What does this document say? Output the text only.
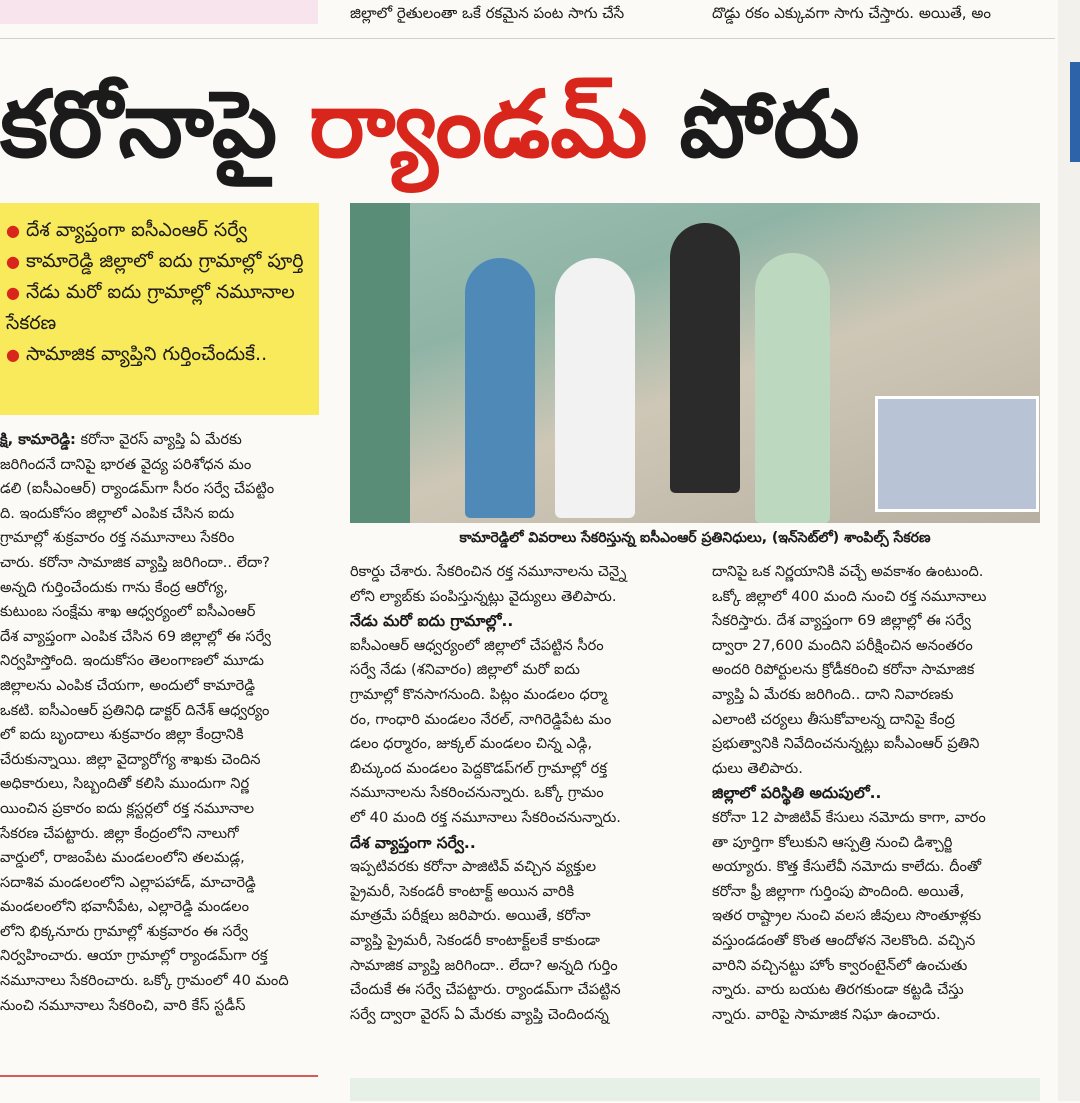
జిల్లాలో రైతులంతా ఒకే రకమైన పంట సాగు చేసే	దొడ్డు రకం ఎక్కువగా సాగు చేస్తారు. అయితే, అం
కరోనాపై ర్యాండమ్ పోరు
● దేశ వ్యాప్తంగా ఐసీఎంఆర్ సర్వే
● కామారెడ్డి జిల్లాలో ఐదు గ్రామాల్లో పూర్తి
● నేడు మరో ఐదు గ్రామాల్లో నమూనాల సేకరణ
● సామాజిక వ్యాప్తిని గుర్తించేందుకే..
కామారెడ్డిలో వివరాలు సేకరిస్తున్న ఐసీఎంఆర్ ప్రతినిధులు, (ఇన్‌సెట్‌లో) శాంపిల్స్ సేకరణ

క్షి, కామారెడ్డి: కరోనా వైరస్ వ్యాప్తి ఏ మేరకు

జరిగిందనే దానిపై భారత వైద్య పరిశోధన మం
డలి (ఐసీఎంఆర్) ర్యాండమ్‌గా సీరం సర్వే చేపట్టిం
ది. ఇందుకోసం జిల్లాలో ఎంపిక చేసిన ఐదు
గ్రామాల్లో శుక్రవారం రక్త నమూనాలు సేకరిం
చారు. కరోనా సామాజిక వ్యాప్తి జరిగిందా.. లేదా?
అన్నది గుర్తించేందుకు గాను కేంద్ర ఆరోగ్య,
కుటుంబ సంక్షేమ శాఖ ఆధ్వర్యంలో ఐసీఎంఆర్
దేశ వ్యాప్తంగా ఎంపిక చేసిన 69 జిల్లాల్లో ఈ సర్వే
నిర్వహిస్తోంది. ఇందుకోసం తెలంగాణలో మూడు
జిల్లాలను ఎంపిక చేయగా, అందులో కామారెడ్డి
ఒకటి. ఐసీఎంఆర్ ప్రతినిధి డాక్టర్ దినేశ్ ఆధ్వర్యం
లో ఐదు బృందాలు శుక్రవారం జిల్లా కేంద్రానికి
చేరుకున్నాయి. జిల్లా వైద్యారోగ్య శాఖకు చెందిన
అధికారులు, సిబ్బందితో కలిసి ముందుగా నిర్ణ
యించిన ప్రకారం ఐదు క్లస్టర్లలో రక్త నమూనాల
సేకరణ చేపట్టారు. జిల్లా కేంద్రంలోని నాలుగో
వార్డులో, రాజంపేట మండలంలోని తలమడ్ల,
సదాశివ మండలంలోని ఎల్లాపహాడ్, మాచారెడ్డి
మండలంలోని భవానీపేట, ఎల్లారెడ్డి మండలం
లోని భిక్కనూరు గ్రామాల్లో శుక్రవారం ఈ సర్వే
నిర్వహించారు. ఆయా గ్రామాల్లో ర్యాండమ్‌గా రక్త
నమూనాలు సేకరించారు. ఒక్కో గ్రామంలో 40 మంది
నుంచి నమూనాలు సేకరించి, వారి కేస్ స్టడీస్
రికార్డు చేశారు. సేకరించిన రక్త నమూనాలను చెన్నై
లోని ల్యాబ్‌కు పంపిస్తున్నట్లు వైద్యులు తెలిపారు.
నేడు మరో ఐదు గ్రామాల్లో..
ఐసీఎంఆర్ ఆధ్వర్యంలో జిల్లాలో చేపట్టిన సీరం
సర్వే నేడు (శనివారం) జిల్లాలో మరో ఐదు
గ్రామాల్లో కొనసాగనుంది. పిట్లం మండలం ధర్మా
రం, గాంధారి మండలం నేరల్, నాగిరెడ్డిపేట మం
డలం ధర్మారం, జుక్కల్ మండలం చిన్న ఎడ్గి,
బిచ్కుంద మండలం పెద్దకొడప్‌గల్ గ్రామాల్లో రక్త
నమూనాలను సేకరించనున్నారు. ఒక్కో గ్రామం
లో 40 మంది రక్త నమూనాలు సేకరించనున్నారు.
దేశ వ్యాప్తంగా సర్వే..
ఇప్పటివరకు కరోనా పాజిటివ్ వచ్చిన వ్యక్తుల
ప్రైమరీ, సెకండరీ కాంటాక్ట్ అయిన వారికి
మాత్రమే పరీక్షలు జరిపారు. అయితే, కరోనా
వ్యాప్తి ప్రైమరీ, సెకండరీ కాంటాక్ట్‌లకే కాకుండా
సామాజిక వ్యాప్తి జరిగిందా.. లేదా? అన్నది గుర్తిం
చేందుకే ఈ సర్వే చేపట్టారు. ర్యాండమ్‌గా చేపట్టిన
సర్వే ద్వారా వైరస్ ఏ మేరకు వ్యాప్తి చెందిందన్న
దానిపై ఒక నిర్ణయానికి వచ్చే అవకాశం ఉంటుంది.
ఒక్కో జిల్లాలో 400 మంది నుంచి రక్త నమూనాలు
సేకరిస్తారు. దేశ వ్యాప్తంగా 69 జిల్లాల్లో ఈ సర్వే
ద్వారా 27,600 మందిని పరీక్షించిన అనంతరం
అందరి రిపోర్టులను క్రోడీకరించి కరోనా సామాజిక
వ్యాప్తి ఏ మేరకు జరిగింది.. దాని నివారణకు
ఎలాంటి చర్యలు తీసుకోవాలన్న దానిపై కేంద్ర
ప్రభుత్వానికి నివేదించనున్నట్లు ఐసీఎంఆర్ ప్రతిని
ధులు తెలిపారు.
జిల్లాలో పరిస్థితి అదుపులో..
కరోనా 12 పాజిటివ్ కేసులు నమోదు కాగా, వారం
తా పూర్తిగా కోలుకుని ఆస్పత్రి నుంచి డిశ్చార్జి
అయ్యారు. కొత్త కేసులేవీ నమోదు కాలేదు. దీంతో
కరోనా ఫ్రీ జిల్లాగా గుర్తింపు పొందింది. అయితే,
ఇతర రాష్ట్రాల నుంచి వలస జీవులు సొంతూళ్లకు
వస్తుండడంతో కొంత ఆందోళన నెలకొంది. వచ్చిన
వారిని వచ్చినట్టు హోం క్వారంటైన్‌లో ఉంచుతు
న్నారు. వారు బయట తిరగకుండా కట్టడి చేస్తు
న్నారు. వారిపై సామాజిక నిఘా ఉంచారు.
